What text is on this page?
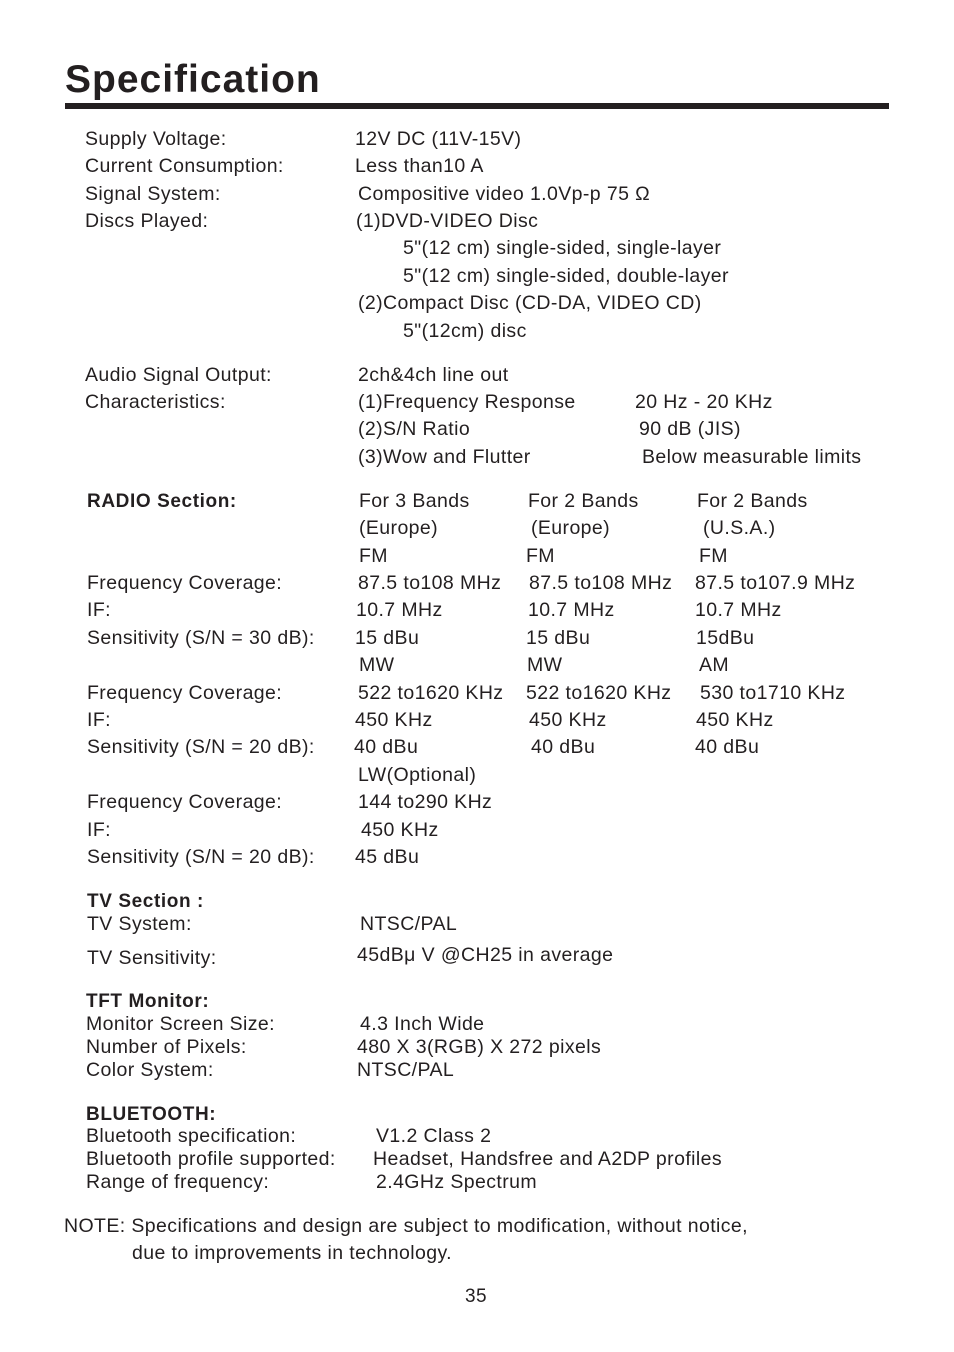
Specification
Supply Voltage:	12V DC (11V-15V)
Current Consumption:	Less than10 A
Signal System:	Compositive video 1.0Vp-p 75 Ω
Discs Played:	(1)DVD-VIDEO Disc
5"(12 cm) single-sided, single-layer
5"(12 cm) single-sided, double-layer
(2)Compact Disc (CD-DA, VIDEO CD)
5"(12cm) disc
Audio Signal Output:	2ch&4ch line out
Characteristics:	(1)Frequency Response	20 Hz - 20 KHz
(2)S/N Ratio	90 dB (JIS)
(3)Wow and Flutter	Below measurable limits
RADIO Section:	For 3 Bands	For 2 Bands	For 2 Bands
(Europe)	(Europe)	(U.S.A.)
FM	FM	FM
Frequency Coverage:	87.5 to108 MHz 87.5 to108 MHz 87.5 to107.9 MHz
IF:	10.7 MHz	10.7 MHz	10.7 MHz
Sensitivity (S/N = 30 dB): 15 dBu	15 dBu	15dBu
MW	MW	AM
Frequency Coverage:	522 to1620 KHz 522 to1620 KHz 530 to1710 KHz
IF:	450 KHz	450 KHz	450 KHz
Sensitivity (S/N = 20 dB): 40 dBu	40 dBu	40 dBu
LW(Optional)
Frequency Coverage:	144 to290 KHz
IF:	450 KHz
Sensitivity (S/N = 20 dB): 45 dBu
TV Section :
TV System:	NTSC/PAL
TV Sensitivity:	45dBμ V @CH25 in average
TFT Monitor:
Monitor Screen Size:	4.3 Inch Wide
Number of Pixels:	480 X 3(RGB) X 272 pixels
Color System:	NTSC/PAL
BLUETOOTH:
Bluetooth specification:	V1.2 Class 2
Bluetooth profile supported: Headset, Handsfree and A2DP profiles
Range of frequency:	2.4GHz Spectrum
NOTE: Specifications and design are subject to modification, without notice,
due to improvements in technology.
35
